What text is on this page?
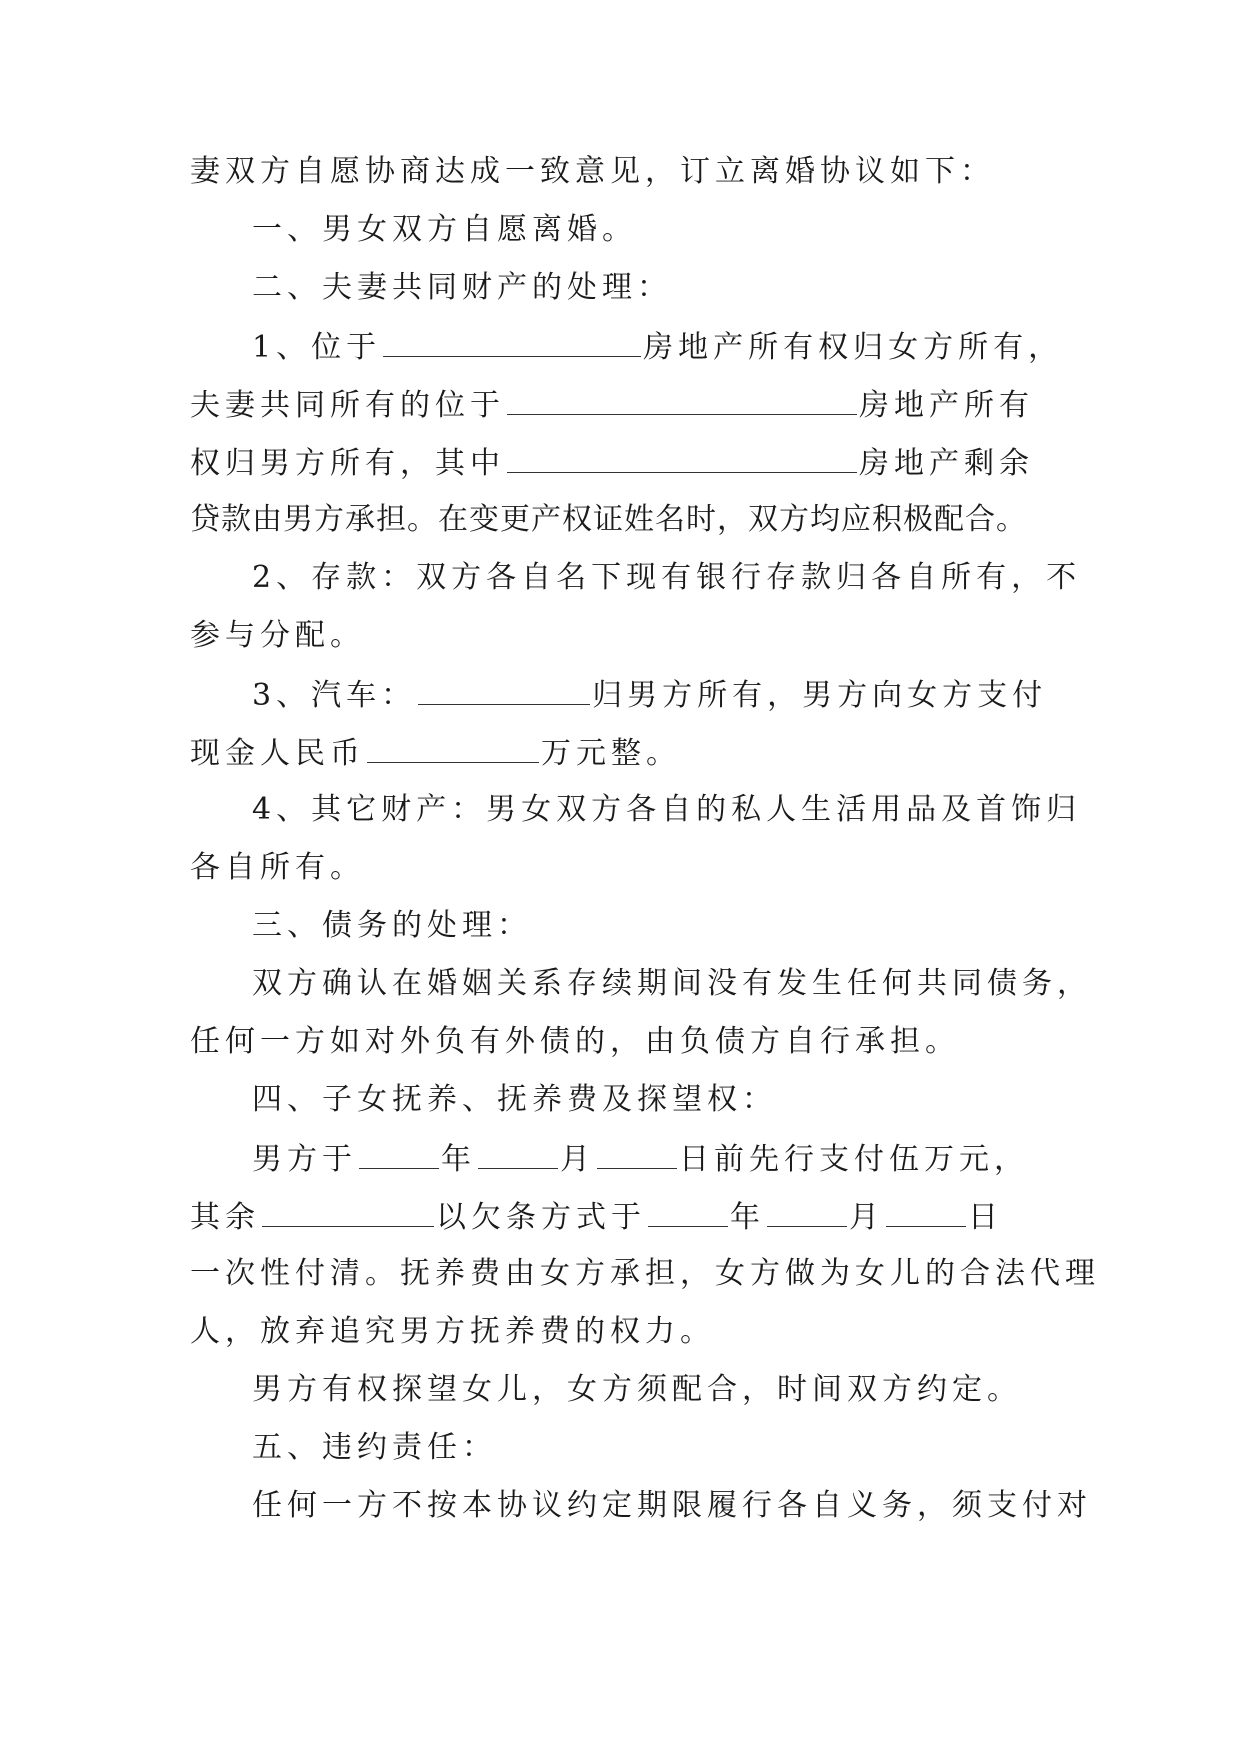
妻双方自愿协商达成一致意见，订立离婚协议如下：
一、男女双方自愿离婚。
二、夫妻共同财产的处理：
1、位于	房地产所有权归女方所有，
夫妻共同所有的位于	房地产所有
权归男方所有，其中	房地产剩余
贷款由男方承担。在变更产权证姓名时，双方均应积极配合。
2、存款：双方各自名下现有银行存款归各自所有，不
参与分配。
3、汽车：	归男方所有，男方向女方支付
现金人民币	万元整。
4、其它财产：男女双方各自的私人生活用品及首饰归
各自所有。
三、债务的处理：
双方确认在婚姻关系存续期间没有发生任何共同债务，
任何一方如对外负有外债的，由负债方自行承担。
四、子女抚养、抚养费及探望权：
男方于	年	月	日前先行支付伍万元，
其余	以欠条方式于	年	月	日
一次性付清。抚养费由女方承担，女方做为女儿的合法代理
人，放弃追究男方抚养费的权力。
男方有权探望女儿，女方须配合，时间双方约定。
五、违约责任：
任何一方不按本协议约定期限履行各自义务，须支付对
